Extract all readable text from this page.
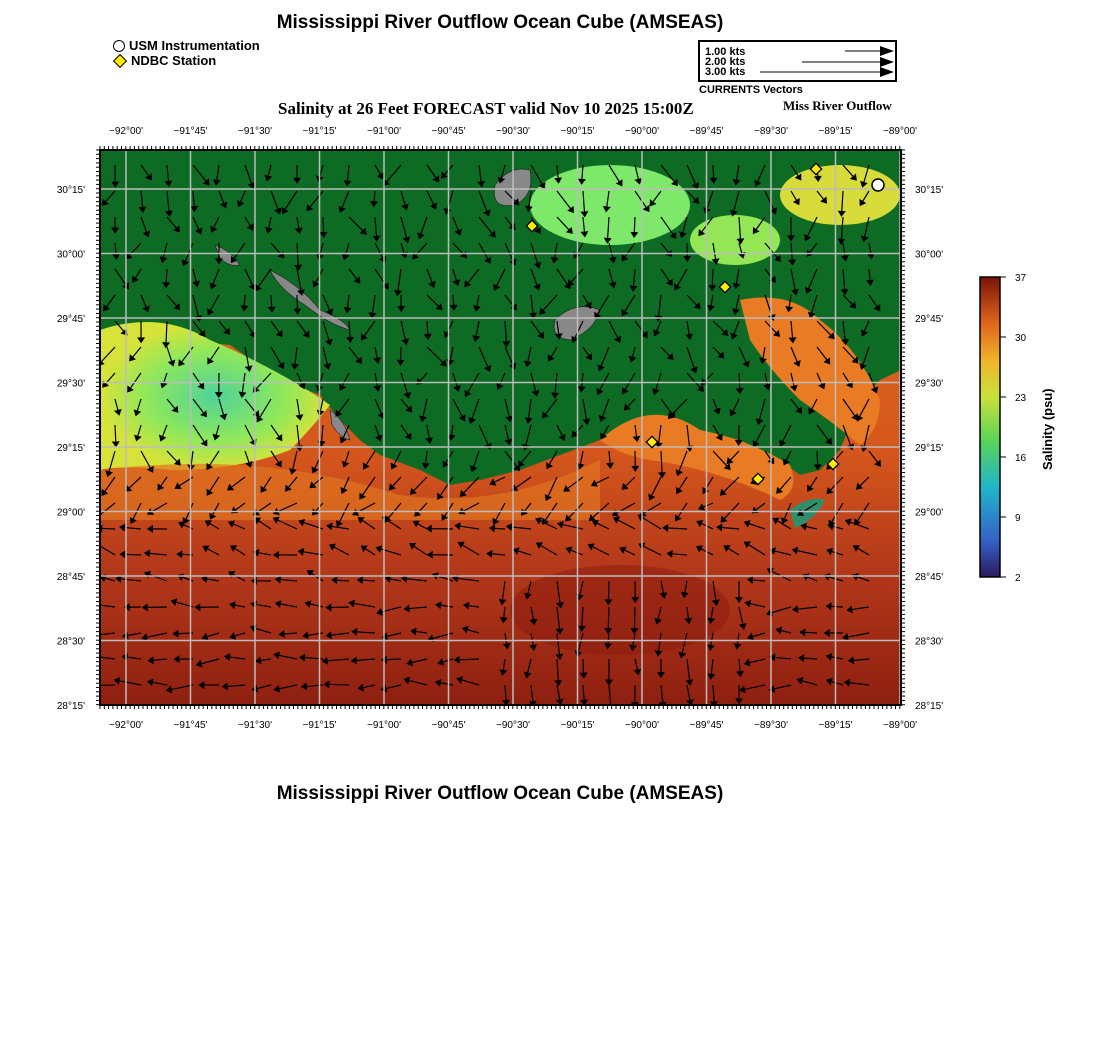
Mississippi River Outflow Ocean Cube (AMSEAS)
USM Instrumentation
NDBC Station
1.00 kts
2.00 kts
3.00 kts
CURRENTS Vectors
Salinity at 26 Feet FORECAST valid Nov 10 2025 15:00Z	Miss River Outflow
−92°00'	−91°45'	−91°30'	−91°15'	−91°00'	−90°45'	−90°30'	−90°15'	−90°00'	−89°45'	−89°30'	−89°15'	−89°00'
−92°00'	−91°45'	−91°30'	−91°15'	−91°00'	−90°45'	−90°30'	−90°15'	−90°00'	−89°45'	−89°30'	−89°15'	−89°00'
30°15'
30°00'
29°45'
29°30'
29°15'
29°00'
28°45'
28°30'
28°15'
30°15'
30°00'
29°45'
29°30'
29°15'
29°00'
28°45'
28°30'
28°15'
37
30
23
16
9
2
Salinity (psu)
Mississippi River Outflow Ocean Cube (AMSEAS)
